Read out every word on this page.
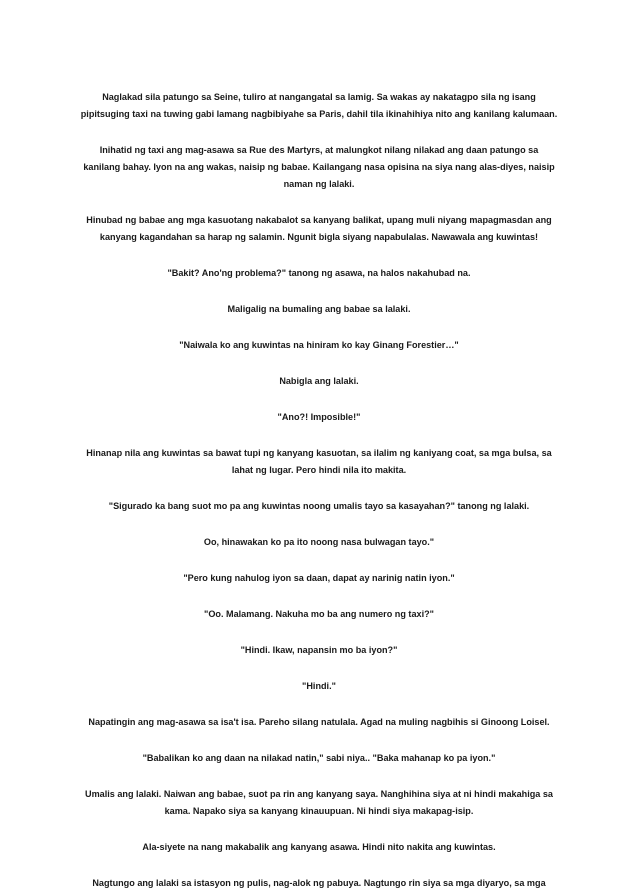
Naglakad sila patungo sa Seine, tuliro at nangangatal sa lamig. Sa wakas ay nakatagpo sila ng isang pipitsuging taxi na tuwing gabi lamang nagbibiyahe sa Paris, dahil tila ikinahihiya nito ang kanilang kalumaan.

Inihatid ng taxi ang mag-asawa sa Rue des Martyrs, at malungkot nilang nilakad ang daan patungo sa kanilang bahay. Iyon na ang wakas, naisip ng babae. Kailangang nasa opisina na siya nang alas-diyes, naisip naman ng lalaki.

Hinubad ng babae ang mga kasuotang nakabalot sa kanyang balikat, upang muli niyang mapagmasdan ang kanyang kagandahan sa harap ng salamin. Ngunit bigla siyang napabulalas. Nawawala ang kuwintas!

"Bakit? Ano'ng problema?" tanong ng asawa, na halos nakahubad na.

Maligalig na bumaling ang babae sa lalaki.

"Naiwala ko ang kuwintas na hiniram ko kay Ginang Forestier…"

Nabigla ang lalaki.

"Ano?! Imposible!"

Hinanap nila ang kuwintas sa bawat tupi ng kanyang kasuotan, sa ilalim ng kaniyang coat, sa mga bulsa, sa lahat ng lugar. Pero hindi nila ito makita.

"Sigurado ka bang suot mo pa ang kuwintas noong umalis tayo sa kasayahan?" tanong ng lalaki.

Oo, hinawakan ko pa ito noong nasa bulwagan tayo."

"Pero kung nahulog iyon sa daan, dapat ay narinig natin iyon."

"Oo. Malamang. Nakuha mo ba ang numero ng taxi?"

"Hindi. Ikaw, napansin mo ba iyon?"

"Hindi."

Napatingin ang mag-asawa sa isa't isa. Pareho silang natulala. Agad na muling nagbihis si Ginoong Loisel.

"Babalikan ko ang daan na nilakad natin," sabi niya.. "Baka mahanap ko pa iyon."

Umalis ang lalaki. Naiwan ang babae, suot pa rin ang kanyang saya. Nanghihina siya at ni hindi makahiga sa kama. Napako siya sa kanyang kinauupuan. Ni hindi siya makapag-isip.

Ala-siyete na nang makabalik ang kanyang asawa. Hindi nito nakita ang kuwintas.

Nagtungo ang lalaki sa istasyon ng pulis, nag-alok ng pabuya. Nagtungo rin siya sa mga diyaryo, sa mga
